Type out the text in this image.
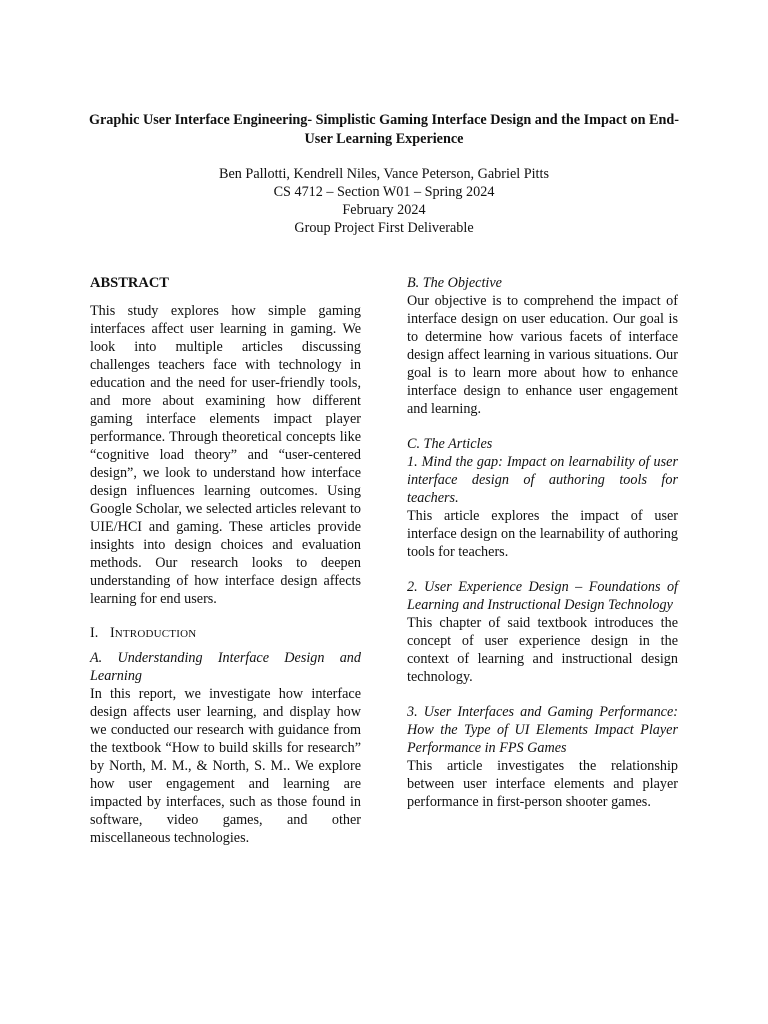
Graphic User Interface Engineering- Simplistic Gaming Interface Design and the Impact on End-User Learning Experience
Ben Pallotti, Kendrell Niles, Vance Peterson, Gabriel Pitts
CS 4712 – Section W01 – Spring 2024
February 2024
Group Project First Deliverable
ABSTRACT

This study explores how simple gaming interfaces affect user learning in gaming. We look into multiple articles discussing challenges teachers face with technology in education and the need for user-friendly tools, and more about examining how different gaming interface elements impact player performance. Through theoretical concepts like “cognitive load theory” and “user-centered design”, we look to understand how interface design influences learning outcomes. Using Google Scholar, we selected articles relevant to UIE/HCI and gaming. These articles provide insights into design choices and evaluation methods. Our research looks to deepen understanding of how interface design affects learning for end users.

I. INTRODUCTION

A. Understanding Interface Design and Learning

In this report, we investigate how interface design affects user learning, and display how we conducted our research with guidance from the textbook “How to build skills for research” by North, M. M., & North, S. M.. We explore how user engagement and learning are impacted by interfaces, such as those found in software, video games, and other miscellaneous technologies.

B. The Objective

Our objective is to comprehend the impact of interface design on user education. Our goal is to determine how various facets of interface design affect learning in various situations. Our goal is to learn more about how to enhance interface design to enhance user engagement and learning.

C. The Articles

1. Mind the gap: Impact on learnability of user interface design of authoring tools for teachers.

This article explores the impact of user interface design on the learnability of authoring tools for teachers.

2. User Experience Design – Foundations of Learning and Instructional Design Technology

This chapter of said textbook introduces the concept of user experience design in the context of learning and instructional design technology.

3. User Interfaces and Gaming Performance: How the Type of UI Elements Impact Player Performance in FPS Games

This article investigates the relationship between user interface elements and player performance in first-person shooter games.
